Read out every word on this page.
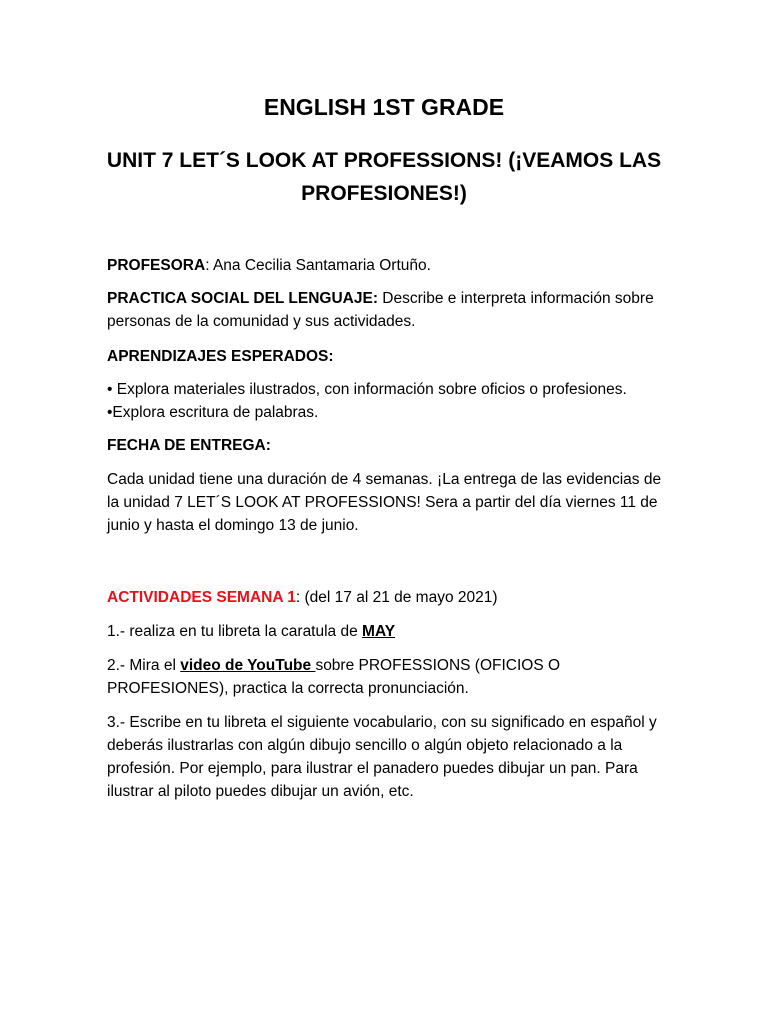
ENGLISH 1ST GRADE
UNIT 7 LET´S LOOK AT PROFESSIONS! (¡VEAMOS LAS PROFESIONES!)

PROFESORA: Ana Cecilia Santamaria Ortuño.

PRACTICA SOCIAL DEL LENGUAJE: Describe e interpreta información sobre personas de la comunidad y sus actividades.

APRENDIZAJES ESPERADOS:

• Explora materiales ilustrados, con información sobre oficios o profesiones.

•Explora escritura de palabras.

FECHA DE ENTREGA:

Cada unidad tiene una duración de 4 semanas. ¡La entrega de las evidencias de la unidad 7 LET´S LOOK AT PROFESSIONS! Sera a partir del día viernes 11 de junio y hasta el domingo 13 de junio.

ACTIVIDADES SEMANA 1: (del 17 al 21 de mayo 2021)

1.- realiza en tu libreta la caratula de MAY

2.- Mira el video de YouTube sobre PROFESSIONS (OFICIOS O PROFESIONES), practica la correcta pronunciación.

3.- Escribe en tu libreta el siguiente vocabulario, con su significado en español y deberás ilustrarlas con algún dibujo sencillo o algún objeto relacionado a la profesión. Por ejemplo, para ilustrar el panadero puedes dibujar un pan. Para ilustrar al piloto puedes dibujar un avión, etc.
